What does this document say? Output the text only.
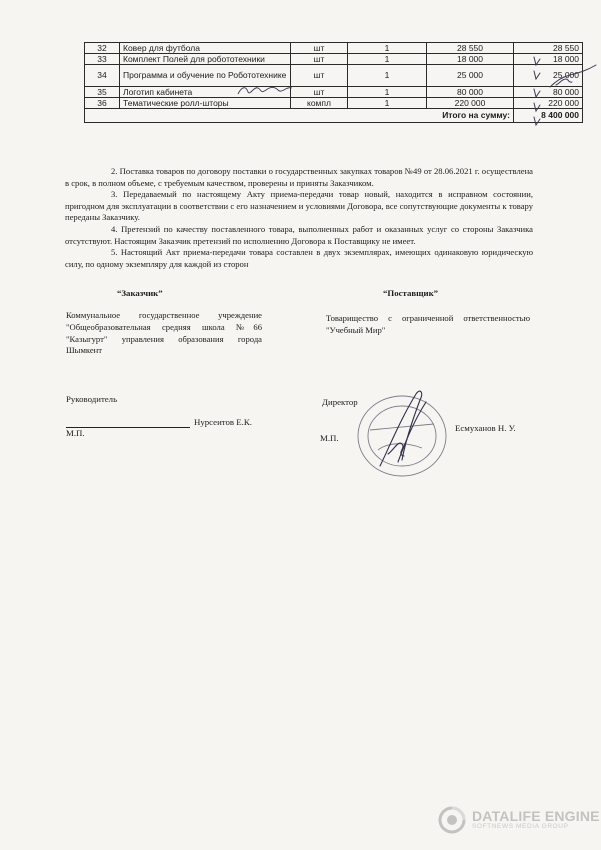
32	Ковер для футбола	шт	1	28 550	28 550
33	Комплект Полей для робототехники	шт	1	18 000	18 000
34	Программа и обучение по Робототехнике	шт	1	25 000	25 000
35	Логотип кабинета	шт	1	80 000	80 000
36	Тематические ролл-шторы	компл	1	220 000	220 000
Итого на сумму:					8 400 000

2. Поставка товаров по договору поставки о государственных закупках товаров №49 от 28.06.2021 г. осуществлена в срок, в полном объеме, с требуемым качеством, проверены и приняты Заказчиком.

3. Передаваемый по настоящему Акту приема-передачи товар новый, находится в исправном состоянии, пригодном для эксплуатации в соответствии с его назначением и условиями Договора, все сопутствующие документы к товару переданы Заказчику.

4. Претензий по качеству поставленного товара, выполненных работ и оказанных услуг со стороны Заказчика отсутствуют. Настоящим Заказчик претензий по исполнению Договора к Поставщику не имеет.

5. Настоящий Акт приема-передачи товара составлен в двух экземплярах, имеющих одинаковую юридическую силу, по одному экземпляру для каждой из сторон

“Заказчик”

Коммунальное государственное учреждение "Общеобразовательная средняя школа №66 "Казыгурт" управления образования города Шымкент

Руководитель

Нурсеитов Е.К.

М.П.

“Поставщик”

Товарищество с ограниченной ответственностью "Учебный Мир"

Директор

Есмуханов Н. У.

М.П.

DATALIFE ENGINE
SOFTNEWS MEDIA GROUP
